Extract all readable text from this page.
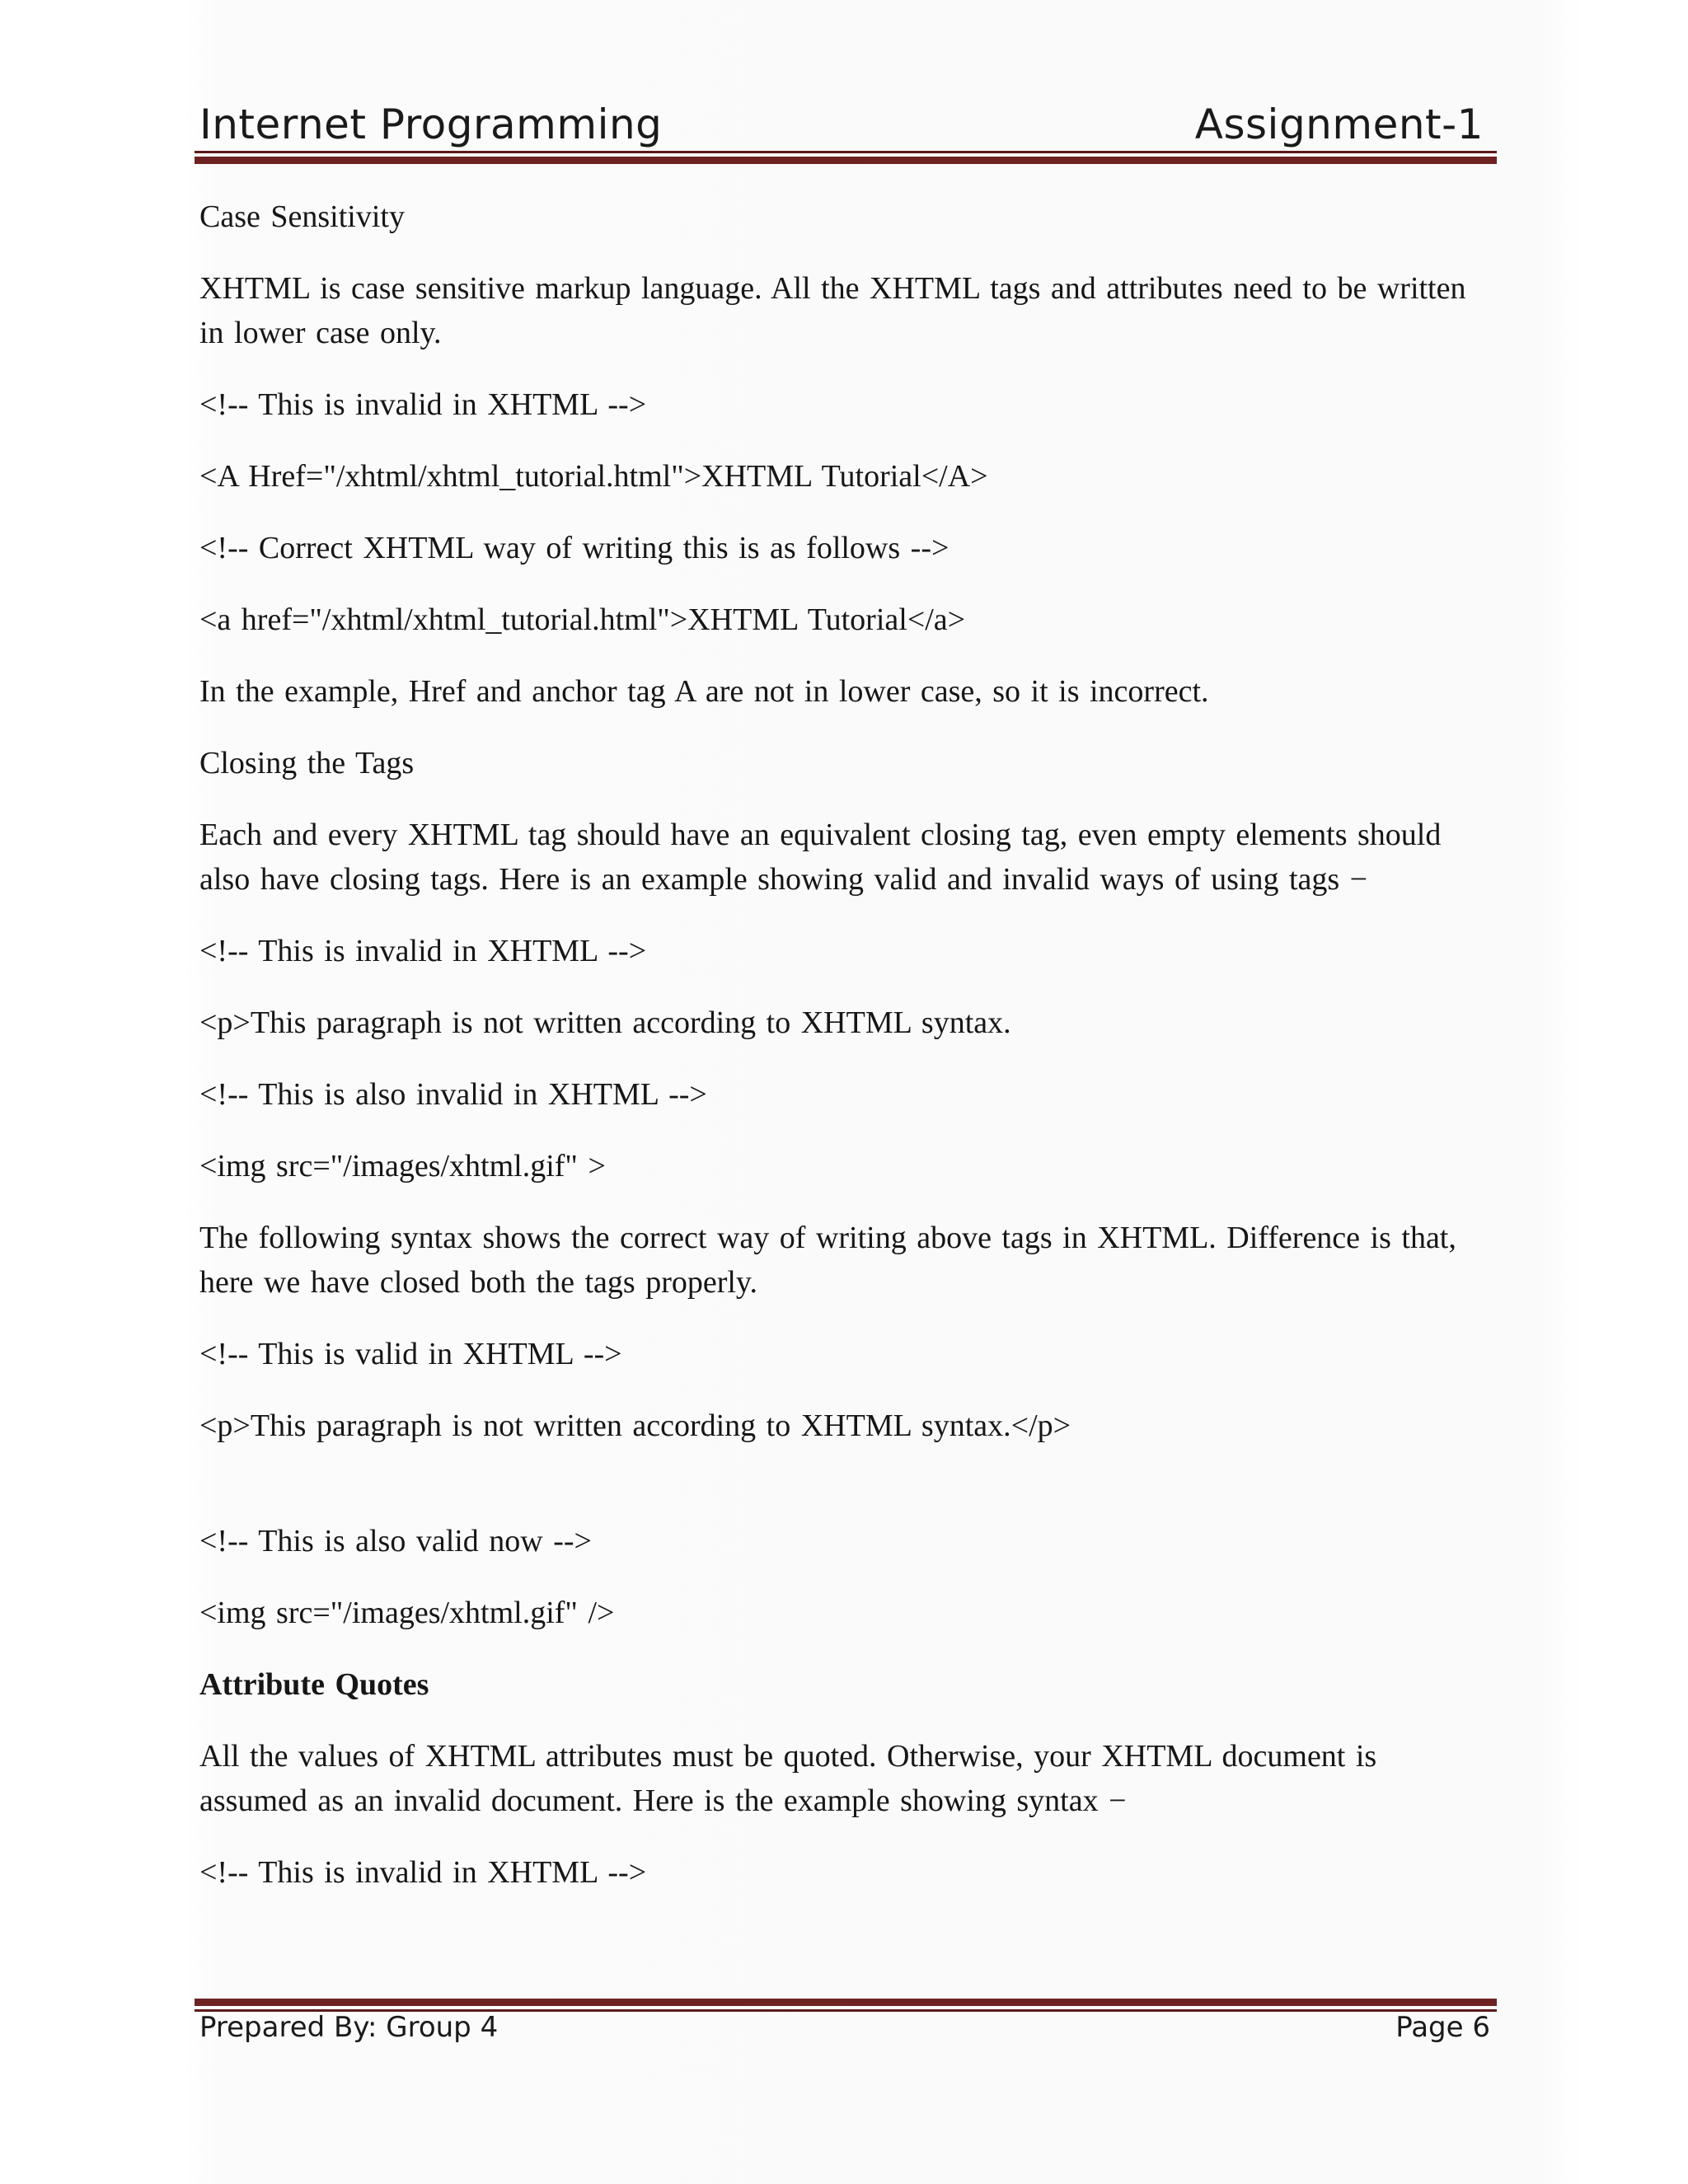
Internet Programming	Assignment-1

Case Sensitivity

XHTML is case sensitive markup language. All the XHTML tags and attributes need to be written in lower case only.

<!-- This is invalid in XHTML -->

<A Href="/xhtml/xhtml_tutorial.html">XHTML Tutorial</A>

<!-- Correct XHTML way of writing this is as follows -->

<a href="/xhtml/xhtml_tutorial.html">XHTML Tutorial</a>

In the example, Href and anchor tag A are not in lower case, so it is incorrect.

Closing the Tags

Each and every XHTML tag should have an equivalent closing tag, even empty elements should also have closing tags. Here is an example showing valid and invalid ways of using tags −

<!-- This is invalid in XHTML -->

<p>This paragraph is not written according to XHTML syntax.

<!-- This is also invalid in XHTML -->

<img src="/images/xhtml.gif" >

The following syntax shows the correct way of writing above tags in XHTML. Difference is that, here we have closed both the tags properly.

<!-- This is valid in XHTML -->

<p>This paragraph is not written according to XHTML syntax.</p>

<!-- This is also valid now -->

<img src="/images/xhtml.gif" />

Attribute Quotes

All the values of XHTML attributes must be quoted. Otherwise, your XHTML document is assumed as an invalid document. Here is the example showing syntax −

<!-- This is invalid in XHTML -->

Prepared By: Group 4	Page 6
